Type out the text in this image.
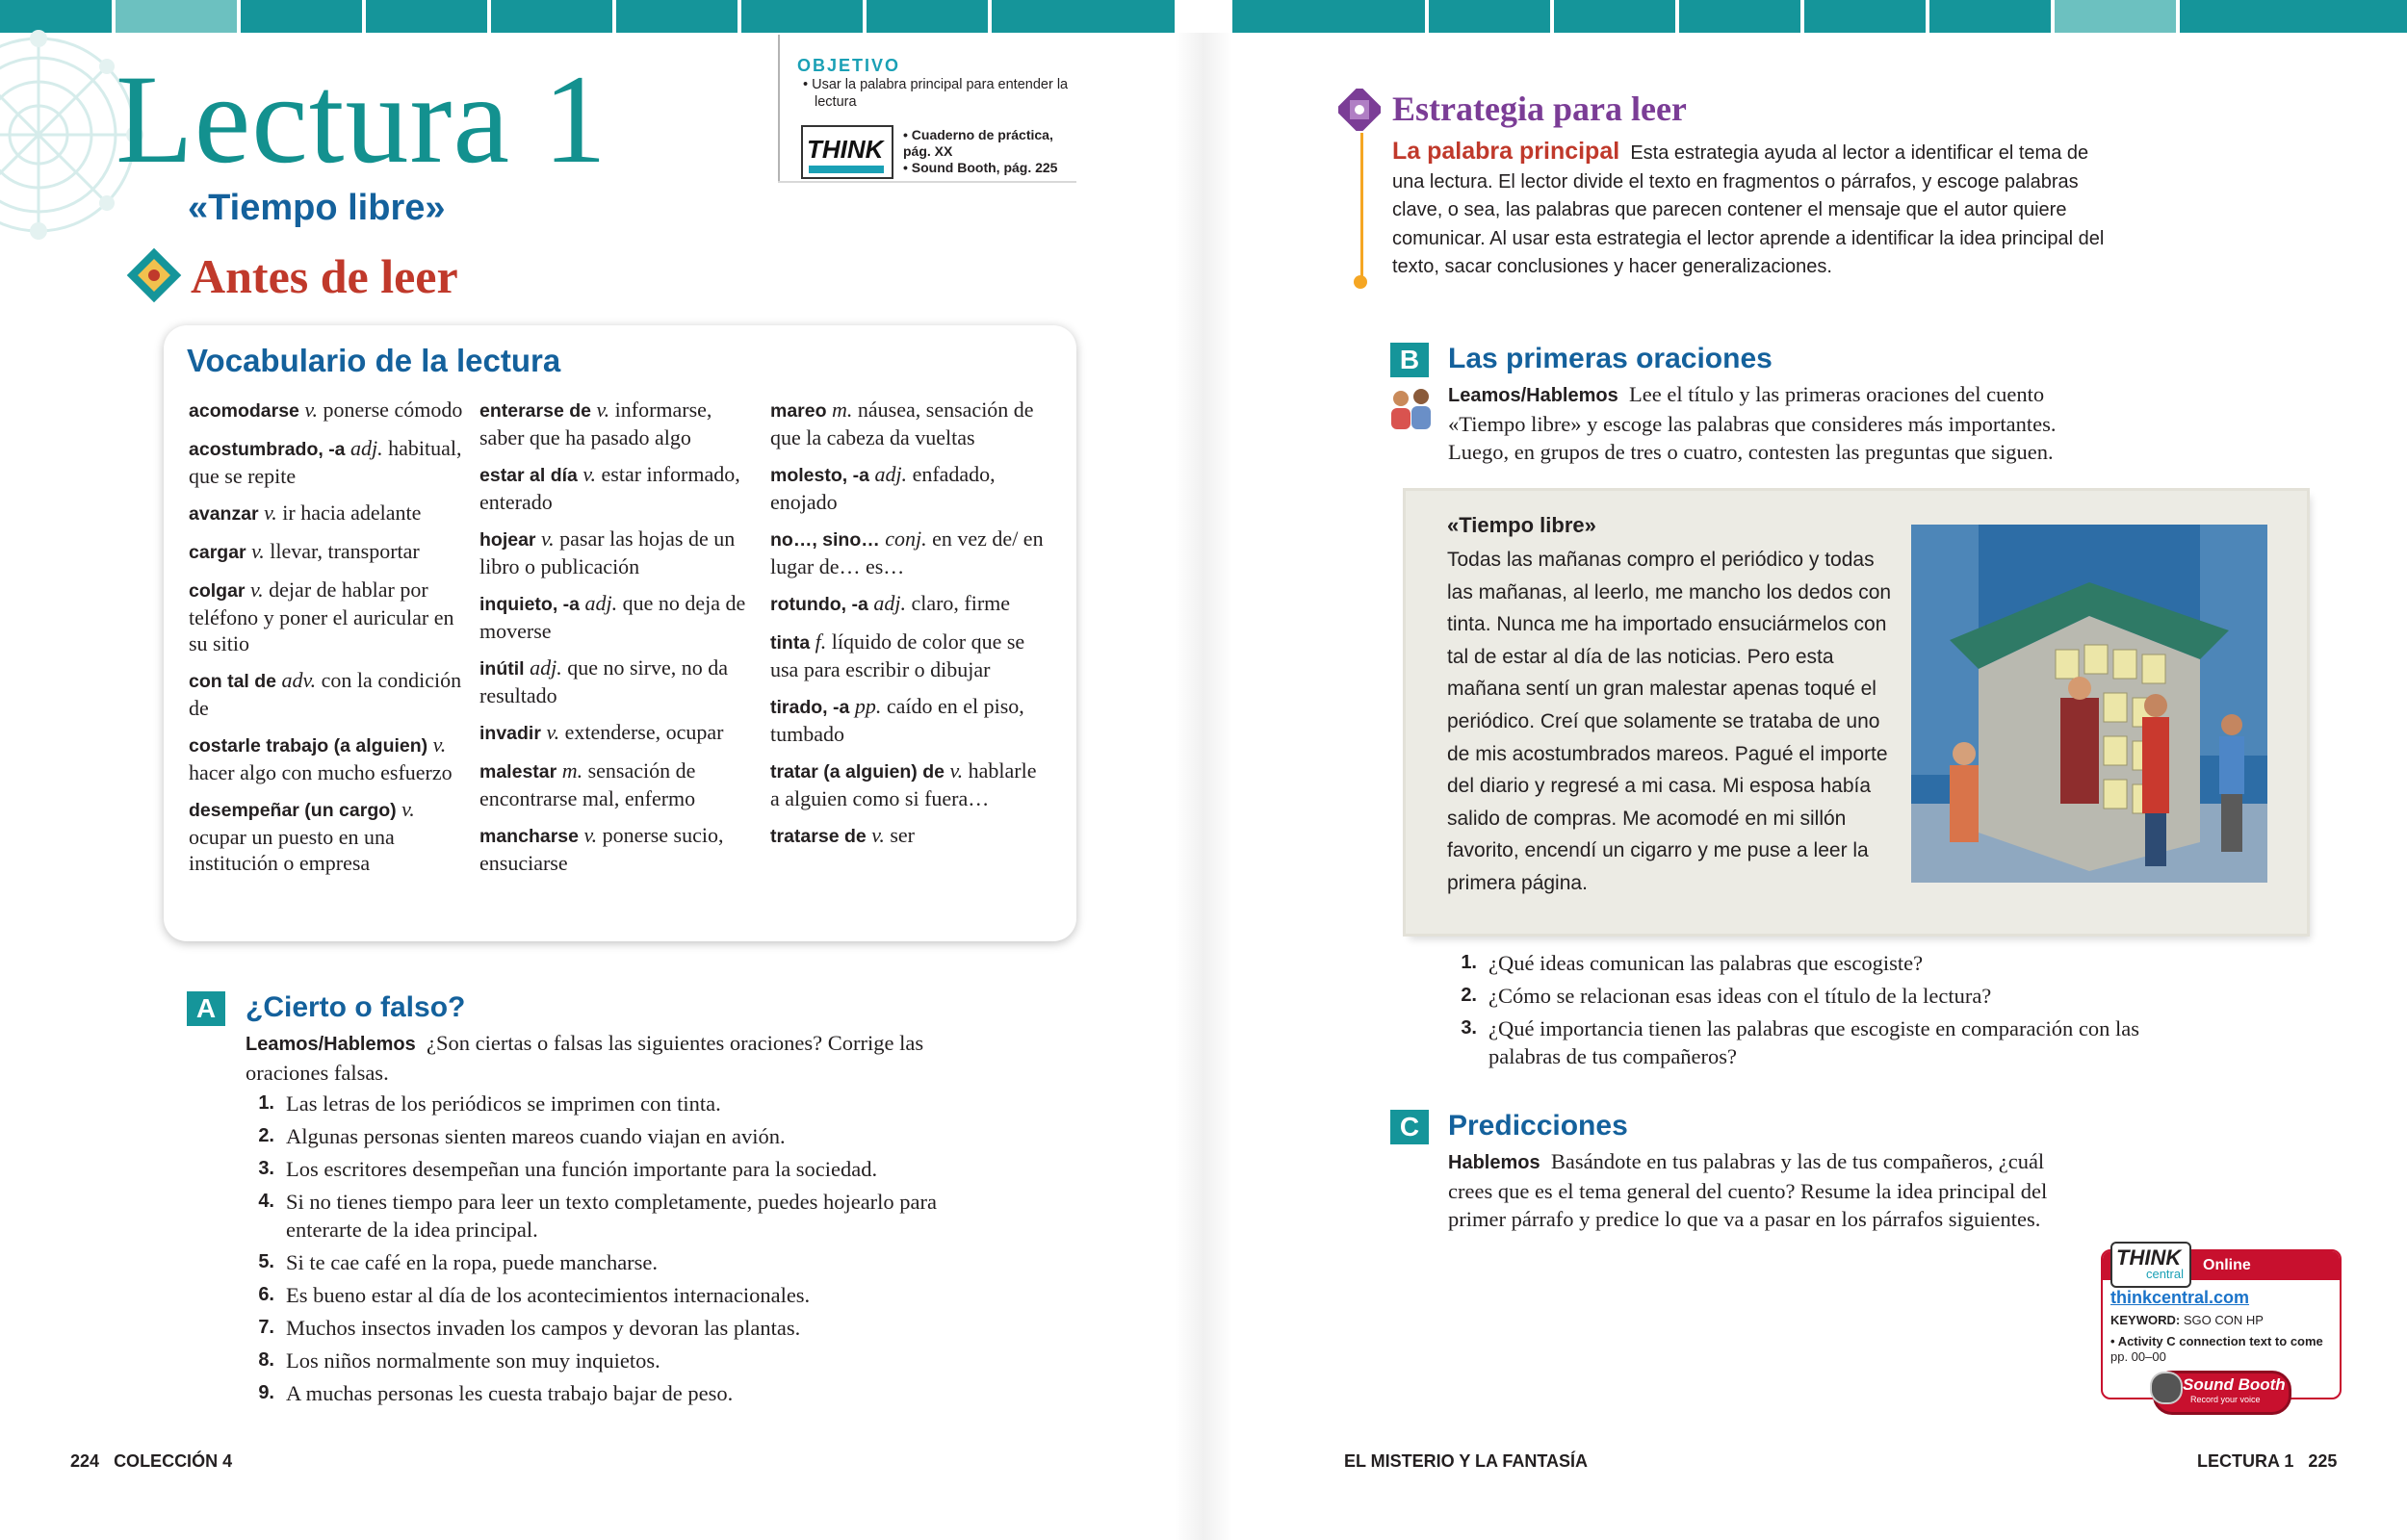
Lectura 1
«Tiempo libre»
Antes de leer
OBJETIVO
• Usar la palabra principal para entender la lectura
THINK • Cuaderno de práctica, pág. XX
• Sound Booth, pág. 225
Vocabulario de la lectura
acomodarse v. ponerse cómodo
acostumbrado, -a adj. habitual, que se repite
avanzar v. ir hacia adelante
cargar v. llevar, transportar
colgar v. dejar de hablar por teléfono y poner el auricular en su sitio
con tal de adv. con la condición de
costarle trabajo (a alguien) v. hacer algo con mucho esfuerzo
desempeñar (un cargo) v. ocupar un puesto en una institución o empresa
enterarse de v. informarse, saber que ha pasado algo
estar al día v. estar informado, enterado
hojear v. pasar las hojas de un libro o publicación
inquieto, -a adj. que no deja de moverse
inútil adj. que no sirve, no da resultado
invadir v. extenderse, ocupar
malestar m. sensación de encontrarse mal, enfermo
mancharse v. ponerse sucio, ensuciarse
mareo m. náusea, sensación de que la cabeza da vueltas
molesto, -a adj. enfadado, enojado
no…, sino… conj. en vez de/ en lugar de… es…
rotundo, -a adj. claro, firme
tinta f. líquido de color que se usa para escribir o dibujar
tirado, -a pp. caído en el piso, tumbado
tratar (a alguien) de v. hablarle a alguien como si fuera…
tratarse de v. ser
A	¿Cierto o falso?
Leamos/Hablemos ¿Son ciertas o falsas las siguientes oraciones? Corrige las oraciones falsas.
1. Las letras de los periódicos se imprimen con tinta.
2. Algunas personas sienten mareos cuando viajan en avión.
3. Los escritores desempeñan una función importante para la sociedad.
4. Si no tienes tiempo para leer un texto completamente, puedes hojearlo para enterarte de la idea principal.
5. Si te cae café en la ropa, puede mancharse.
6. Es bueno estar al día de los acontecimientos internacionales.
7. Muchos insectos invaden los campos y devoran las plantas.
8. Los niños normalmente son muy inquietos.
9. A muchas personas les cuesta trabajo bajar de peso.
224 COLECCIÓN 4
Estrategia para leer
La palabra principal Esta estrategia ayuda al lector a identificar el tema de una lectura. El lector divide el texto en fragmentos o párrafos, y escoge palabras clave, o sea, las palabras que parecen contener el mensaje que el autor quiere comunicar. Al usar esta estrategia el lector aprende a identificar la idea principal del texto, sacar conclusiones y hacer generalizaciones.
B Las primeras oraciones
Leamos/Hablemos Lee el título y las primeras oraciones del cuento «Tiempo libre» y escoge las palabras que consideres más importantes. Luego, en grupos de tres o cuatro, contesten las preguntas que siguen.
«Tiempo libre»
Todas las mañanas compro el periódico y todas las mañanas, al leerlo, me mancho los dedos con tinta. Nunca me ha importado ensuciármelos con tal de estar al día de las noticias. Pero esta mañana sentí un gran malestar apenas toqué el periódico. Creí que solamente se trataba de uno de mis acostumbrados mareos. Pagué el importe del diario y regresé a mi casa. Mi esposa había salido de compras. Me acomodé en mi sillón favorito, encendí un cigarro y me puse a leer la primera página.
1. ¿Qué ideas comunican las palabras que escogiste?
2. ¿Cómo se relacionan esas ideas con el título de la lectura?
3. ¿Qué importancia tienen las palabras que escogiste en comparación con las palabras de tus compañeros?
C Predicciones
Hablemos Basándote en tus palabras y las de tus compañeros, ¿cuál crees que es el tema general del cuento? Resume la idea principal del primer párrafo y predice lo que va a pasar en los párrafos siguientes.
THINK
central
Online
thinkcentral.com
KEYWORD: SGO CON HP
• Activity C connection text to come pp. 00–00
Sound Booth
Record your voice
EL MISTERIO Y LA FANTASÍA	LECTURA 1 225
